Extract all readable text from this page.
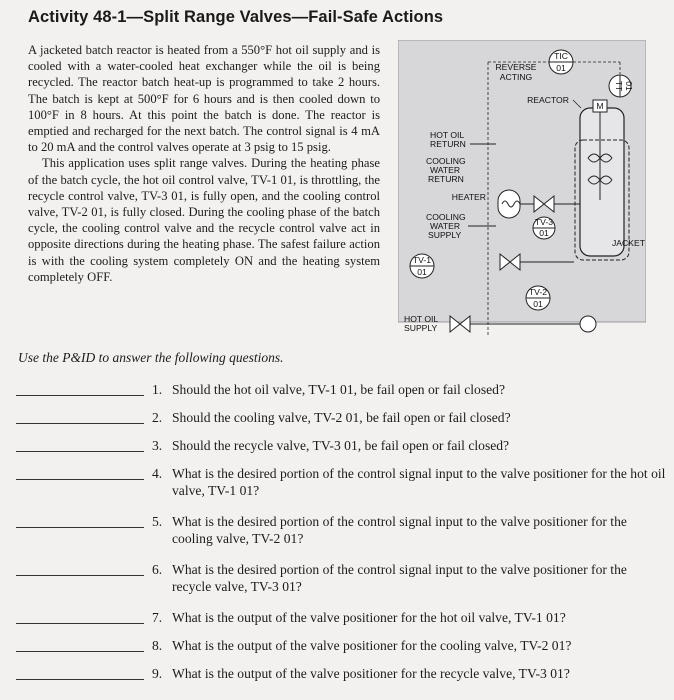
Activity 48-1—Split Range Valves—Fail-Safe Actions

A jacketed batch reactor is heated from a 550°F hot oil supply and is cooled with a water-cooled heat exchanger while the oil is being recycled. The reactor batch heat-up is programmed to take 2 hours. The batch is kept at 500°F for 6 hours and is then cooled down to 100°F in 8 hours. At this point the batch is done. The reactor is emptied and recharged for the next batch. The control signal is 4 mA to 20 mA and the control valves operate at 3 psig to 15 psig.

This application uses split range valves. During the heating phase of the batch cycle, the hot oil control valve, TV-1 01, is throttling, the recycle control valve, TV-3 01, is fully open, and the cooling control valve, TV-2 01, is fully closed. During the cooling phase of the batch cycle, the cooling control valve and the recycle control valve act in opposite directions during the heating phase. The safest failure action is with the cooling system completely ON and the heating system completely OFF.

TIC
01
REVERSE
ACTING
TT 01
REACTOR
M
JACKET
HOT OIL
RETURN
COOLING
WATER
RETURN
HEATER
COOLING
WATER
SUPPLY
TV-3
01
TV-1
01
TV-2
01
HOT OIL
SUPPLY
Use the P&ID to answer the following questions.
1. Should the hot oil valve, TV-1 01, be fail open or fail closed?
2. Should the cooling valve, TV-2 01, be fail open or fail closed?
3. Should the recycle valve, TV-3 01, be fail open or fail closed?
4. What is the desired portion of the control signal input to the valve positioner for the hot oil valve, TV-1 01?
5. What is the desired portion of the control signal input to the valve positioner for the cooling valve, TV-2 01?
6. What is the desired portion of the control signal input to the valve positioner for the recycle valve, TV-3 01?
7. What is the output of the valve positioner for the hot oil valve, TV-1 01?
8. What is the output of the valve positioner for the cooling valve, TV-2 01?
9. What is the output of the valve positioner for the recycle valve, TV-3 01?
